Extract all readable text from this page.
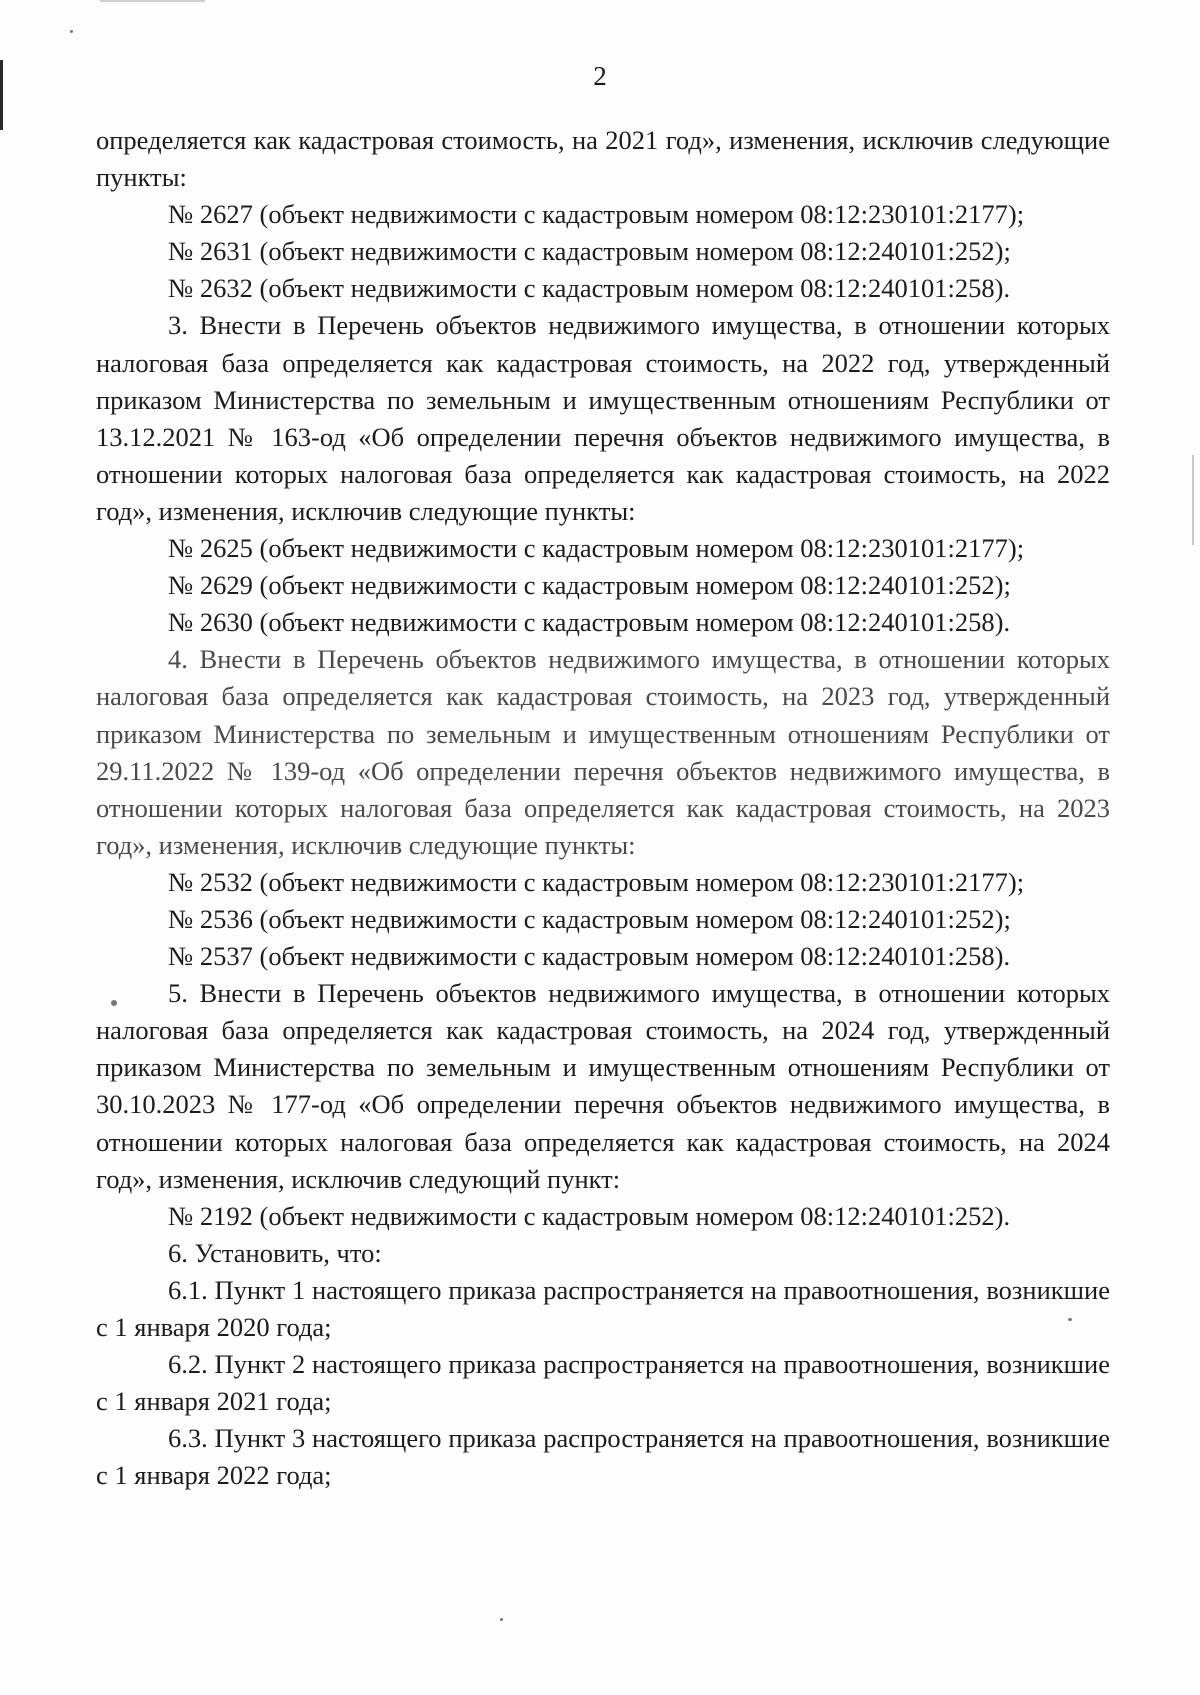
2

определяется как кадастровая стоимость, на 2021 год», изменения, исключив следующие пункты:

№ 2627 (объект недвижимости с кадастровым номером 08:12:230101:2177);

№ 2631 (объект недвижимости с кадастровым номером 08:12:240101:252);

№ 2632 (объект недвижимости с кадастровым номером 08:12:240101:258).

3. Внести в Перечень объектов недвижимого имущества, в отношении которых налоговая база определяется как кадастровая стоимость, на 2022 год, утвержденный приказом Министерства по земельным и имущественным отношениям Республики от 13.12.2021 № 163-од «Об определении перечня объектов недвижимого имущества, в отношении которых налоговая база определяется как кадастровая стоимость, на 2022 год», изменения, исключив следующие пункты:

№ 2625 (объект недвижимости с кадастровым номером 08:12:230101:2177);

№ 2629 (объект недвижимости с кадастровым номером 08:12:240101:252);

№ 2630 (объект недвижимости с кадастровым номером 08:12:240101:258).

4. Внести в Перечень объектов недвижимого имущества, в отношении которых налоговая база определяется как кадастровая стоимость, на 2023 год, утвержденный приказом Министерства по земельным и имущественным отношениям Республики от 29.11.2022 № 139-од «Об определении перечня объектов недвижимого имущества, в отношении которых налоговая база определяется как кадастровая стоимость, на 2023 год», изменения, исключив следующие пункты:

№ 2532 (объект недвижимости с кадастровым номером 08:12:230101:2177);

№ 2536 (объект недвижимости с кадастровым номером 08:12:240101:252);

№ 2537 (объект недвижимости с кадастровым номером 08:12:240101:258).

5. Внести в Перечень объектов недвижимого имущества, в отношении которых налоговая база определяется как кадастровая стоимость, на 2024 год, утвержденный приказом Министерства по земельным и имущественным отношениям Республики от 30.10.2023 № 177-од «Об определении перечня объектов недвижимого имущества, в отношении которых налоговая база определяется как кадастровая стоимость, на 2024 год», изменения, исключив следующий пункт:

№ 2192 (объект недвижимости с кадастровым номером 08:12:240101:252).

6. Установить, что:

6.1. Пункт 1 настоящего приказа распространяется на правоотношения, возникшие с 1 января 2020 года;

6.2. Пункт 2 настоящего приказа распространяется на правоотношения, возникшие с 1 января 2021 года;

6.3. Пункт 3 настоящего приказа распространяется на правоотношения, возникшие с 1 января 2022 года;
